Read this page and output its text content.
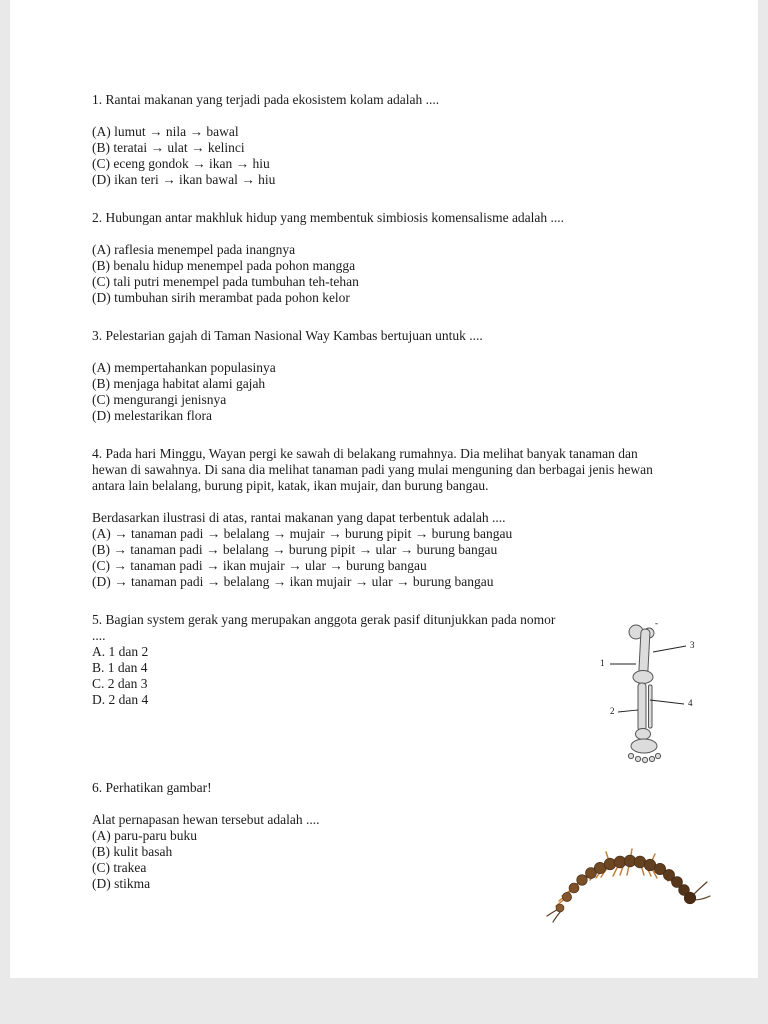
1. Rantai makanan yang terjadi pada ekosistem kolam adalah ....

(A) lumut → nila → bawal
(B) teratai → ulat → kelinci
(C) eceng gondok → ikan → hiu
(D) ikan teri → ikan bawal → hiu

2. Hubungan antar makhluk hidup yang membentuk simbiosis komensalisme adalah ....

(A) raflesia menempel pada inangnya
(B) benalu hidup menempel pada pohon mangga
(C) tali putri menempel pada tumbuhan teh-tehan
(D) tumbuhan sirih merambat pada pohon kelor

3. Pelestarian gajah di Taman Nasional Way Kambas bertujuan untuk ....

(A) mempertahankan populasinya
(B) menjaga habitat alami gajah
(C) mengurangi jenisnya
(D) melestarikan flora

4. Pada hari Minggu, Wayan pergi ke sawah di belakang rumahnya. Dia melihat banyak tanaman dan hewan di sawahnya. Di sana dia melihat tanaman padi yang mulai menguning dan berbagai jenis hewan antara lain belalang, burung pipit, katak, ikan mujair, dan burung bangau.

Berdasarkan ilustrasi di atas, rantai makanan yang dapat terbentuk adalah ....

(A) → tanaman padi → belalang → mujair → burung pipit → burung bangau
(B) → tanaman padi → belalang → burung pipit → ular → burung bangau
(C) → tanaman padi → ikan mujair → ular → burung bangau
(D) → tanaman padi → belalang → ikan mujair → ular → burung bangau

5. Bagian system gerak yang merupakan anggota gerak pasif ditunjukkan pada nomor

....

A. 1 dan 2
B. 1 dan 4
C. 2 dan 3
D. 2 dan 4

6. Perhatikan gambar!

Alat pernapasan hewan tersebut adalah ....

(A) paru-paru buku
(B) kulit basah
(C) trakea
(D) stikma
-
3
1
4
2
